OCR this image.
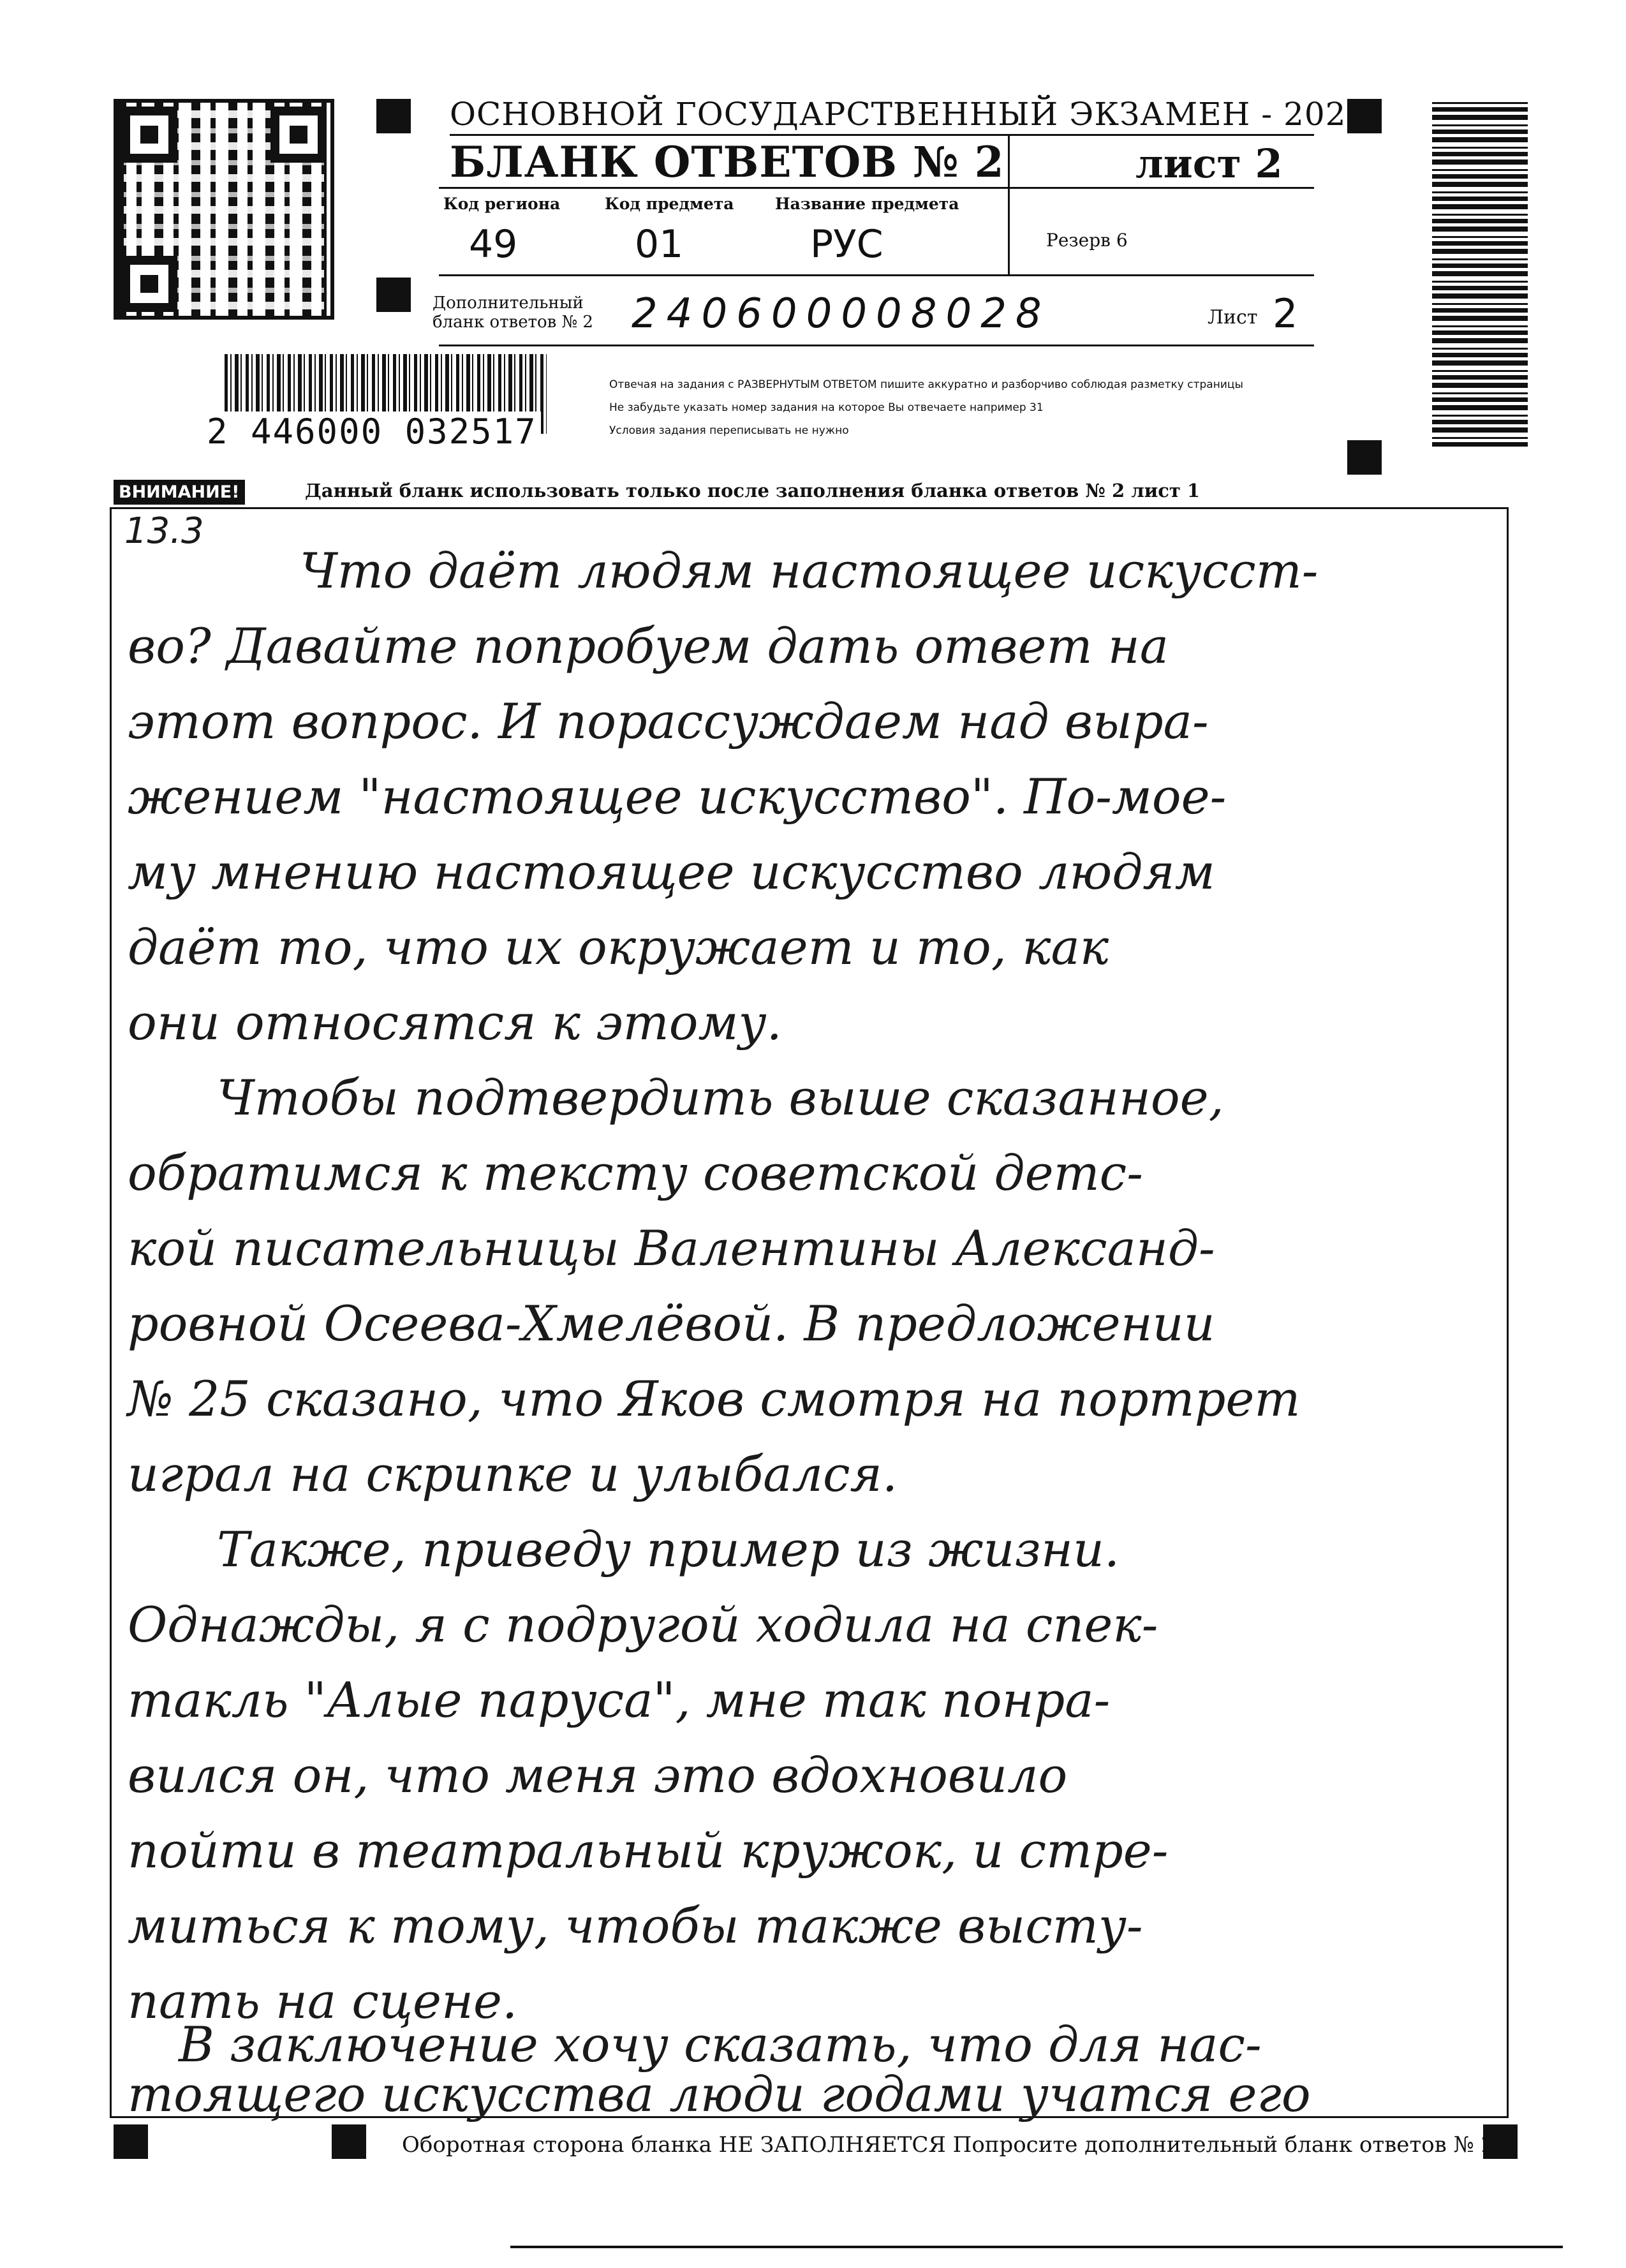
ОСНОВНОЙ ГОСУДАРСТВЕННЫЙ ЭКЗАМЕН - 2024
БЛАНК ОТВЕТОВ № 2	лист 2
Код региона
49
Код предмета
01
Название предмета
РУС	Резерв 6
Дополнительный
бланк ответов № 2 240600008028	Лист 2
2 446000 032517
Отвечая на задания с РАЗВЕРНУТЫМ ОТВЕТОМ пишите аккуратно и разборчиво соблюдая разметку страницы
Не забудьте указать номер задания на которое Вы отвечаете например 31
Условия задания переписывать не нужно
ВНИМАНИЕ!	Данный бланк использовать только после заполнения бланка ответов № 2 лист 1
13.3
Что даёт людям настоящее искусст-
во? Давайте попробуем дать ответ на
этот вопрос. И порассуждаем над выра-
жением "настоящее искусство". По-мое-
му мнению настоящее искусство людям
даёт то, что их окружает и то, как
они относятся к этому.
Чтобы подтвердить выше сказанное,
обратимся к тексту советской детс-
кой писательницы Валентины Александ-
ровной Осеева-Хмелёвой. В предложении
№ 25 сказано, что Яков смотря на портрет
играл на скрипке и улыбался.
Также, приведу пример из жизни.
Однажды, я с подругой ходила на спек-
такль "Алые паруса", мне так понра-
вился он, что меня это вдохновило
пойти в театральный кружок, и стре-
миться к тому, чтобы также высту-
пать на сцене.
В заключение хочу сказать, что для нас-
тоящего искусства люди годами учатся его
Оборотная сторона бланка НЕ ЗАПОЛНЯЕТСЯ Попросите дополнительный бланк ответов № 2
